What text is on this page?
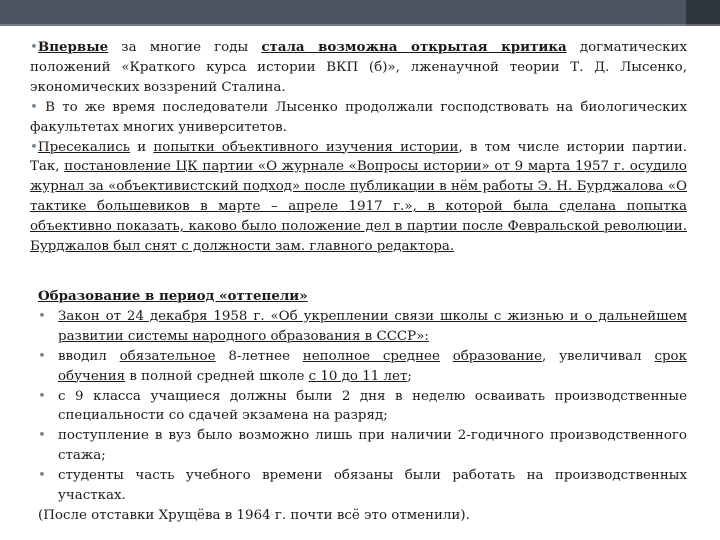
•Впервые за многие годы стала возможна открытая критика догматических положений «Краткого курса истории ВКП (б)», лженаучной теории Т. Д. Лысенко, экономических воззрений Сталина.

• В то же время последователи Лысенко продолжали господствовать на биологических факультетах многих университетов.

•Пресекались и попытки объективного изучения истории, в том числе истории партии. Так, постановление ЦК партии «О журнале «Вопросы истории» от 9 марта 1957 г. осудило журнал за «объективистский подход» после публикации в нём работы Э. Н. Бурджалова «О тактике большевиков в марте – апреле 1917 г.», в которой была сделана попытка объективно показать, каково было положение дел в партии после Февральской революции. Бурджалов был снят с должности зам. главного редактора.

Образование в период «оттепели»
• Закон от 24 декабря 1958 г. «Об укреплении связи школы с жизнью и о дальнейшем развитии системы народного образования в СССР»:
• вводил обязательное 8-летнее неполное среднее образование, увеличивал срок обучения в полной средней школе с 10 до 11 лет;
• с 9 класса учащиеся должны были 2 дня в неделю осваивать производственные специальности со сдачей экзамена на разряд;
• поступление в вуз было возможно лишь при наличии 2-годичного производственного стажа;
• студенты часть учебного времени обязаны были работать на производственных участках.

(После отставки Хрущёва в 1964 г. почти всё это отменили).
